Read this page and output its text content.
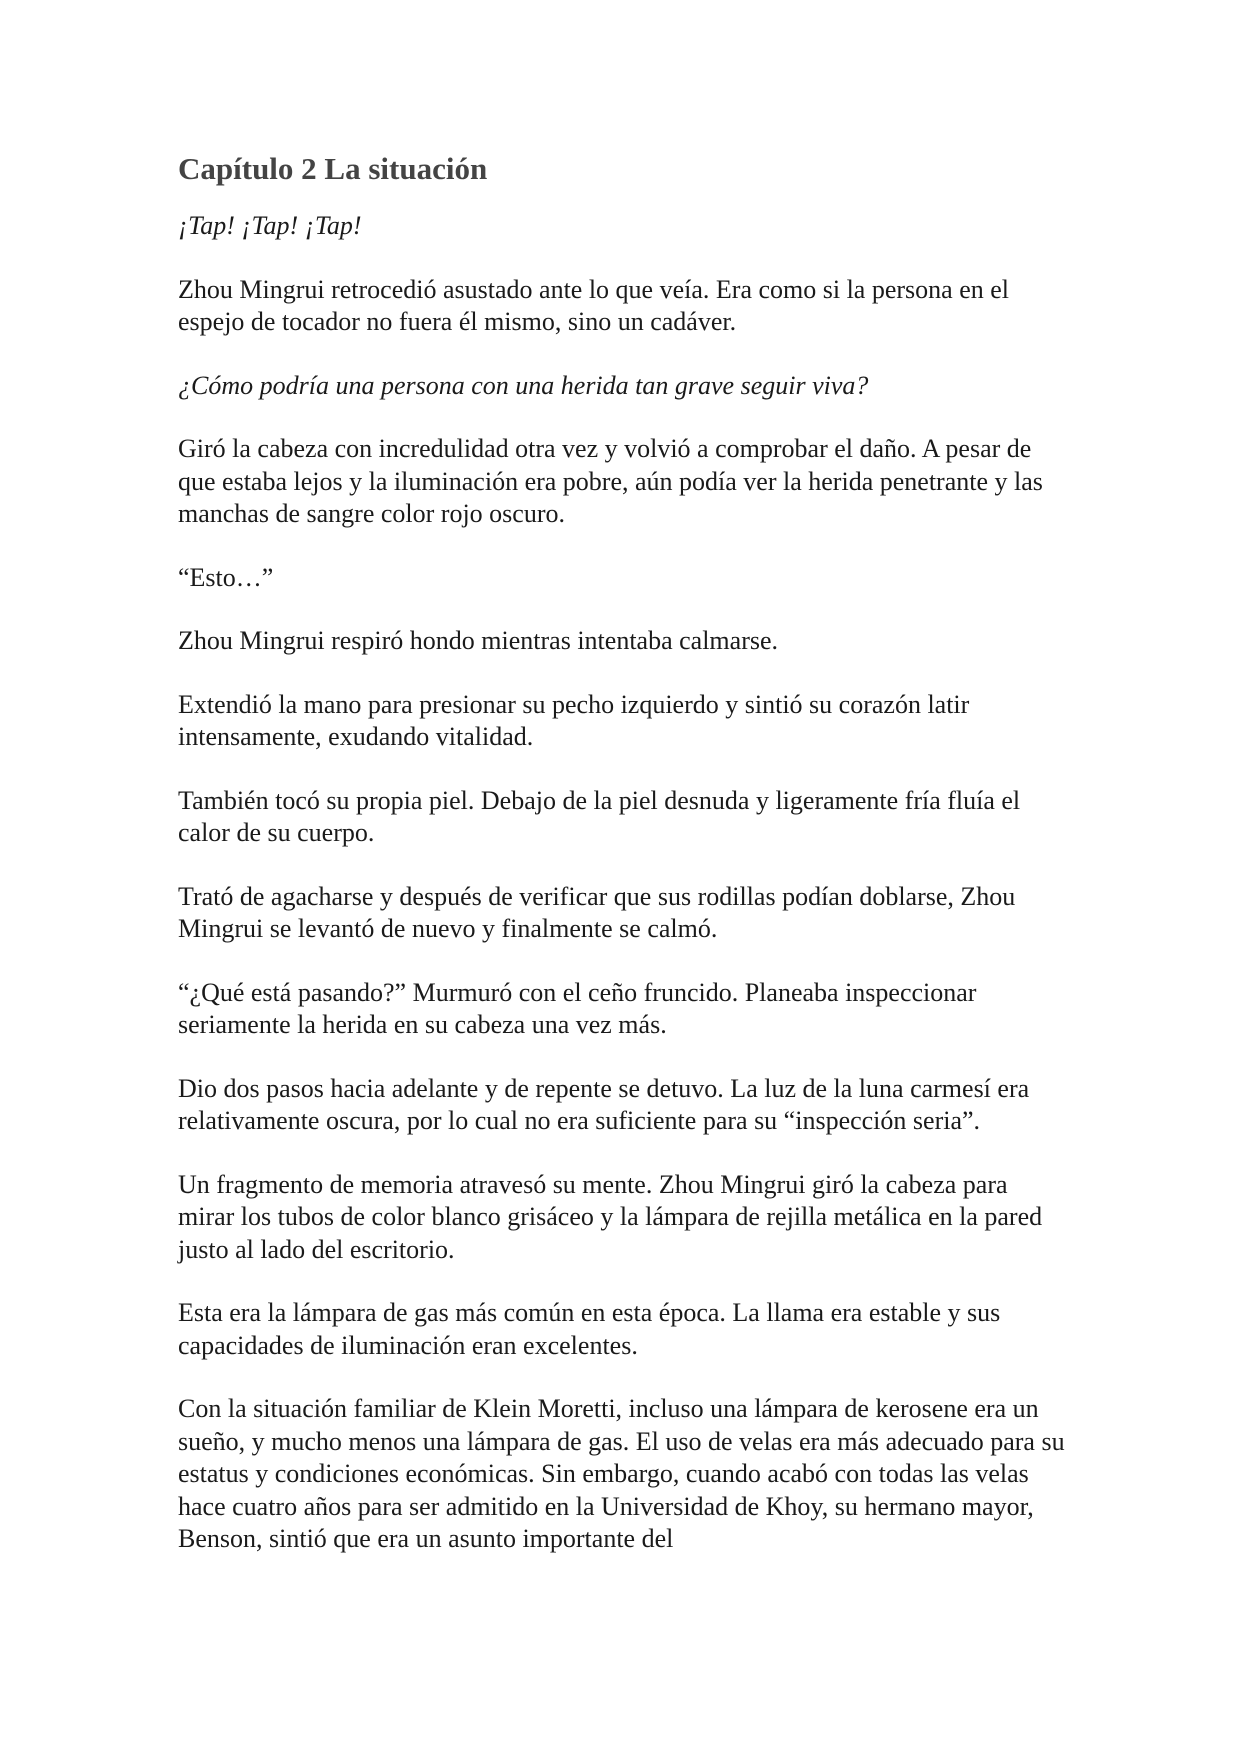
Capítulo 2 La situación

¡Tap! ¡Tap! ¡Tap!

Zhou Mingrui retrocedió asustado ante lo que veía. Era como si la persona en el espejo de tocador no fuera él mismo, sino un cadáver.

¿Cómo podría una persona con una herida tan grave seguir viva?

Giró la cabeza con incredulidad otra vez y volvió a comprobar el daño. A pesar de que estaba lejos y la iluminación era pobre, aún podía ver la herida penetrante y las manchas de sangre color rojo oscuro.

“Esto…”

Zhou Mingrui respiró hondo mientras intentaba calmarse.

Extendió la mano para presionar su pecho izquierdo y sintió su corazón latir intensamente, exudando vitalidad.

También tocó su propia piel. Debajo de la piel desnuda y ligeramente fría fluía el calor de su cuerpo.

Trató de agacharse y después de verificar que sus rodillas podían doblarse, Zhou Mingrui se levantó de nuevo y finalmente se calmó.

“¿Qué está pasando?” Murmuró con el ceño fruncido. Planeaba inspeccionar seriamente la herida en su cabeza una vez más.

Dio dos pasos hacia adelante y de repente se detuvo. La luz de la luna carmesí era relativamente oscura, por lo cual no era suficiente para su “inspección seria”.

Un fragmento de memoria atravesó su mente. Zhou Mingrui giró la cabeza para mirar los tubos de color blanco grisáceo y la lámpara de rejilla metálica en la pared justo al lado del escritorio.

Esta era la lámpara de gas más común en esta época. La llama era estable y sus capacidades de iluminación eran excelentes.

Con la situación familiar de Klein Moretti, incluso una lámpara de kerosene era un sueño, y mucho menos una lámpara de gas. El uso de velas era más adecuado para su estatus y condiciones económicas. Sin embargo, cuando acabó con todas las velas hace cuatro años para ser admitido en la Universidad de Khoy, su hermano mayor, Benson, sintió que era un asunto importante del
